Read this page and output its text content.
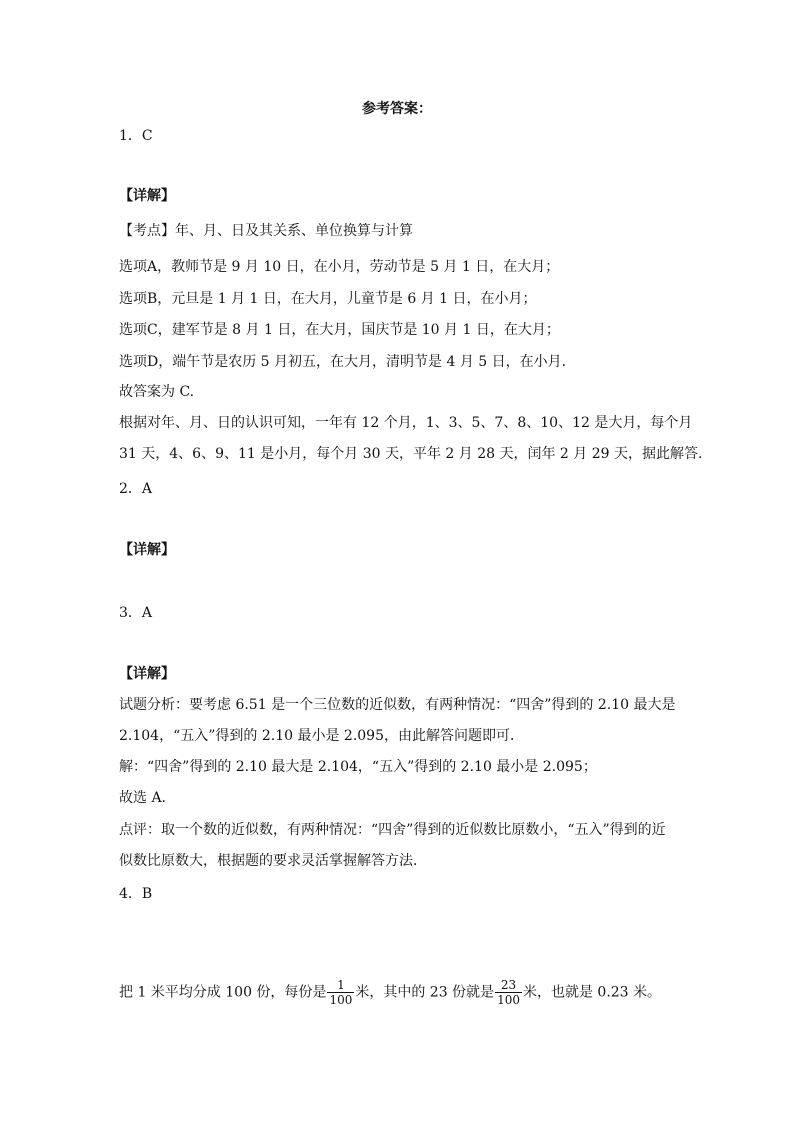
参考答案：
1．C
【详解】
【考点】年、月、日及其关系、单位换算与计算
选项A，教师节是 9 月 10 日，在小月，劳动节是 5 月 1 日，在大月；
选项B，元旦是 1 月 1 日，在大月，儿童节是 6 月 1 日，在小月；
选项C，建军节是 8 月 1 日，在大月，国庆节是 10 月 1 日，在大月；
选项D，端午节是农历 5 月初五，在大月，清明节是 4 月 5 日，在小月.
故答案为 C.
根据对年、月、日的认识可知，一年有 12 个月，1、3、5、7、8、10、12 是大月，每个月
31 天，4、6、9、11 是小月，每个月 30 天，平年 2 月 28 天，闰年 2 月 29 天，据此解答.
2．A
【详解】
3．A
【详解】
试题分析：要考虑 6.51 是一个三位数的近似数，有两种情况：“四舍”得到的 2.10 最大是
2.104，“五入”得到的 2.10 最小是 2.095，由此解答问题即可．
解：“四舍”得到的 2.10 最大是 2.104，“五入”得到的 2.10 最小是 2.095；
故选 A．
点评：取一个数的近似数，有两种情况：“四舍”得到的近似数比原数小，“五入”得到的近
似数比原数大，根据题的要求灵活掌握解答方法．
4．B
把 1 米平均分成 100 份，每份是 $\frac{1}{100}$ 米，其中的 23 份就是 $\frac{23}{100}$ 米，也就是 0.23 米。
